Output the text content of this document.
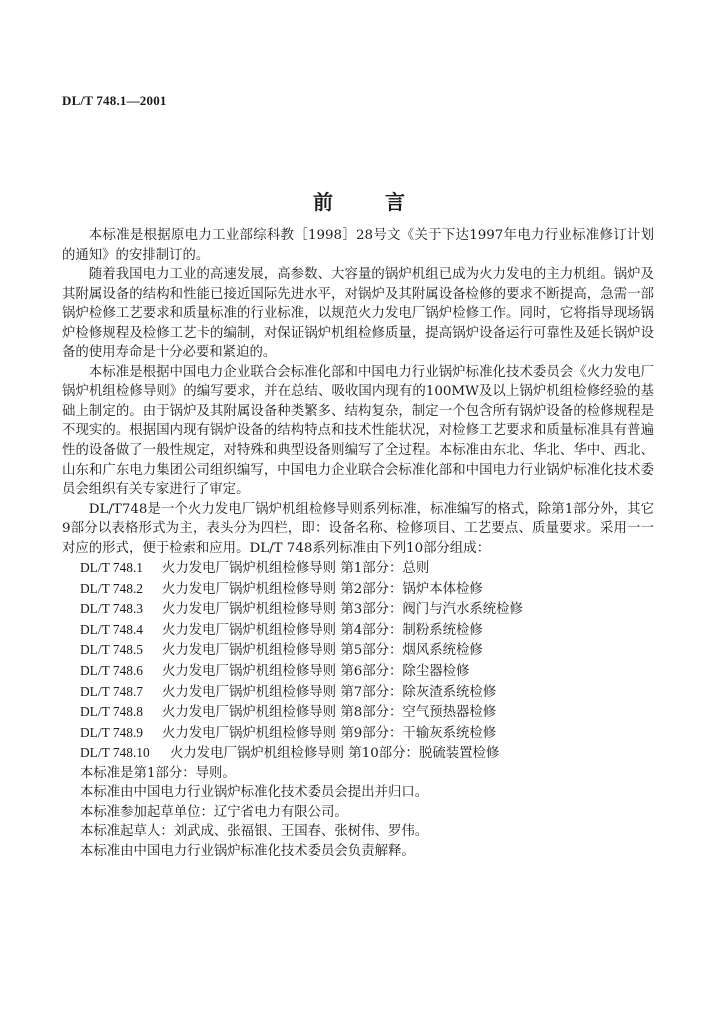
DL/T 748.1—2001
前言

本标准是根据原电力工业部综科教［1998］28号文《关于下达1997年电力行业标准修订计划的通知》的安排制订的。

随着我国电力工业的高速发展，高参数、大容量的锅炉机组已成为火力发电的主力机组。锅炉及其附属设备的结构和性能已接近国际先进水平，对锅炉及其附属设备检修的要求不断提高，急需一部锅炉检修工艺要求和质量标准的行业标准，以规范火力发电厂锅炉检修工作。同时，它将指导现场锅炉检修规程及检修工艺卡的编制，对保证锅炉机组检修质量，提高锅炉设备运行可靠性及延长锅炉设备的使用寿命是十分必要和紧迫的。

本标准是根据中国电力企业联合会标准化部和中国电力行业锅炉标准化技术委员会《火力发电厂锅炉机组检修导则》的编写要求，并在总结、吸收国内现有的100MW及以上锅炉机组检修经验的基础上制定的。由于锅炉及其附属设备种类繁多、结构复杂，制定一个包含所有锅炉设备的检修规程是不现实的。根据国内现有锅炉设备的结构特点和技术性能状况，对检修工艺要求和质量标准具有普遍性的设备做了一般性规定，对特殊和典型设备则编写了全过程。本标准由东北、华北、华中、西北、山东和广东电力集团公司组织编写，中国电力企业联合会标准化部和中国电力行业锅炉标准化技术委员会组织有关专家进行了审定。

DL/T748是一个火力发电厂锅炉机组检修导则系列标准，标准编写的格式，除第1部分外，其它9部分以表格形式为主，表头分为四栏，即：设备名称、检修项目、工艺要点、质量要求。采用一一对应的形式，便于检索和应用。DL/T 748系列标准由下列10部分组成：

DL/T 748.1 火力发电厂锅炉机组检修导则 第1部分：总则
DL/T 748.2 火力发电厂锅炉机组检修导则 第2部分：锅炉本体检修
DL/T 748.3 火力发电厂锅炉机组检修导则 第3部分：阀门与汽水系统检修
DL/T 748.4 火力发电厂锅炉机组检修导则 第4部分：制粉系统检修
DL/T 748.5 火力发电厂锅炉机组检修导则 第5部分：烟风系统检修
DL/T 748.6 火力发电厂锅炉机组检修导则 第6部分：除尘器检修
DL/T 748.7 火力发电厂锅炉机组检修导则 第7部分：除灰渣系统检修
DL/T 748.8 火力发电厂锅炉机组检修导则 第8部分：空气预热器检修
DL/T 748.9 火力发电厂锅炉机组检修导则 第9部分：干输灰系统检修
DL/T 748.10 火力发电厂锅炉机组检修导则 第10部分：脱硫装置检修

本标准是第1部分：导则。

本标准由中国电力行业锅炉标准化技术委员会提出并归口。

本标准参加起草单位：辽宁省电力有限公司。

本标准起草人：刘武成、张福银、王国春、张树伟、罗伟。

本标准由中国电力行业锅炉标准化技术委员会负责解释。
